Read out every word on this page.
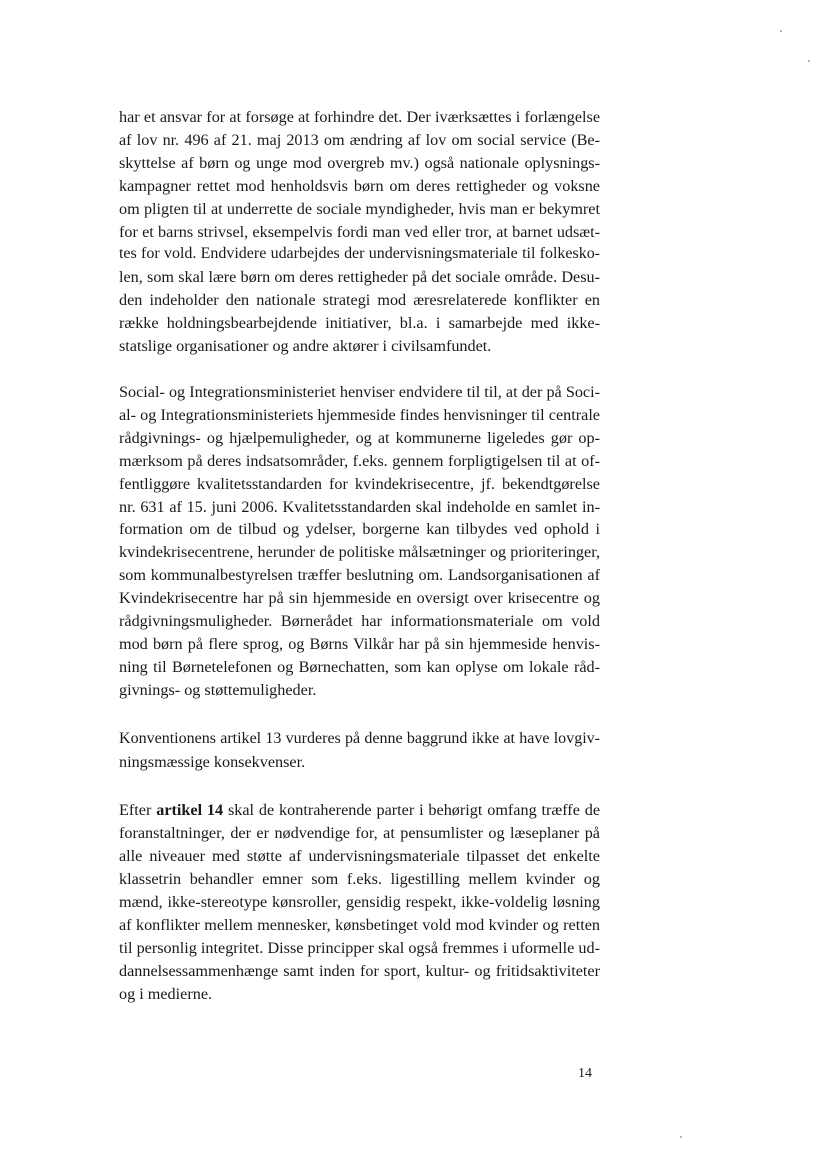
har et ansvar for at forsøge at forhindre det. Der iværksættes i forlængelse
af lov nr. 496 af 21. maj 2013 om ændring af lov om social service (Be-
skyttelse af børn og unge mod overgreb mv.) også nationale oplysnings-
kampagner rettet mod henholdsvis børn om deres rettigheder og voksne
om pligten til at underrette de sociale myndigheder, hvis man er bekymret
for et barns strivsel, eksempelvis fordi man ved eller tror, at barnet udsæt-
tes for vold. Endvidere udarbejdes der undervisningsmateriale til folkesko-
len, som skal lære børn om deres rettigheder på det sociale område. Desu-
den indeholder den nationale strategi mod æresrelaterede konflikter en
række holdningsbearbejdende initiativer, bl.a. i samarbejde med ikke-
statslige organisationer og andre aktører i civilsamfundet.

Social- og Integrationsministeriet henviser endvidere til til, at der på Soci-
al- og Integrationsministeriets hjemmeside findes henvisninger til centrale
rådgivnings- og hjælpemuligheder, og at kommunerne ligeledes gør op-
mærksom på deres indsatsområder, f.eks. gennem forpligtigelsen til at of-
fentliggøre kvalitetsstandarden for kvindekrisecentre, jf. bekendtgørelse
nr. 631 af 15. juni 2006. Kvalitetsstandarden skal indeholde en samlet in-
formation om de tilbud og ydelser, borgerne kan tilbydes ved ophold i
kvindekrisecentrene, herunder de politiske målsætninger og prioriteringer,
som kommunalbestyrelsen træffer beslutning om. Landsorganisationen af
Kvindekrisecentre har på sin hjemmeside en oversigt over krisecentre og
rådgivningsmuligheder. Børnerådet har informationsmateriale om vold
mod børn på flere sprog, og Børns Vilkår har på sin hjemmeside henvis-
ning til Børnetelefonen og Børnechatten, som kan oplyse om lokale råd-
givnings- og støttemuligheder.

Konventionens artikel 13 vurderes på denne baggrund ikke at have lovgiv-
ningsmæssige konsekvenser.

Efter artikel 14 skal de kontraherende parter i behørigt omfang træffe de
foranstaltninger, der er nødvendige for, at pensumlister og læseplaner på
alle niveauer med støtte af undervisningsmateriale tilpasset det enkelte
klassetrin behandler emner som f.eks. ligestilling mellem kvinder og
mænd, ikke-stereotype kønsroller, gensidig respekt, ikke-voldelig løsning
af konflikter mellem mennesker, kønsbetinget vold mod kvinder og retten
til personlig integritet. Disse principper skal også fremmes i uformelle ud-
dannelsessammenhænge samt inden for sport, kultur- og fritidsaktiviteter
og i medierne.

14
